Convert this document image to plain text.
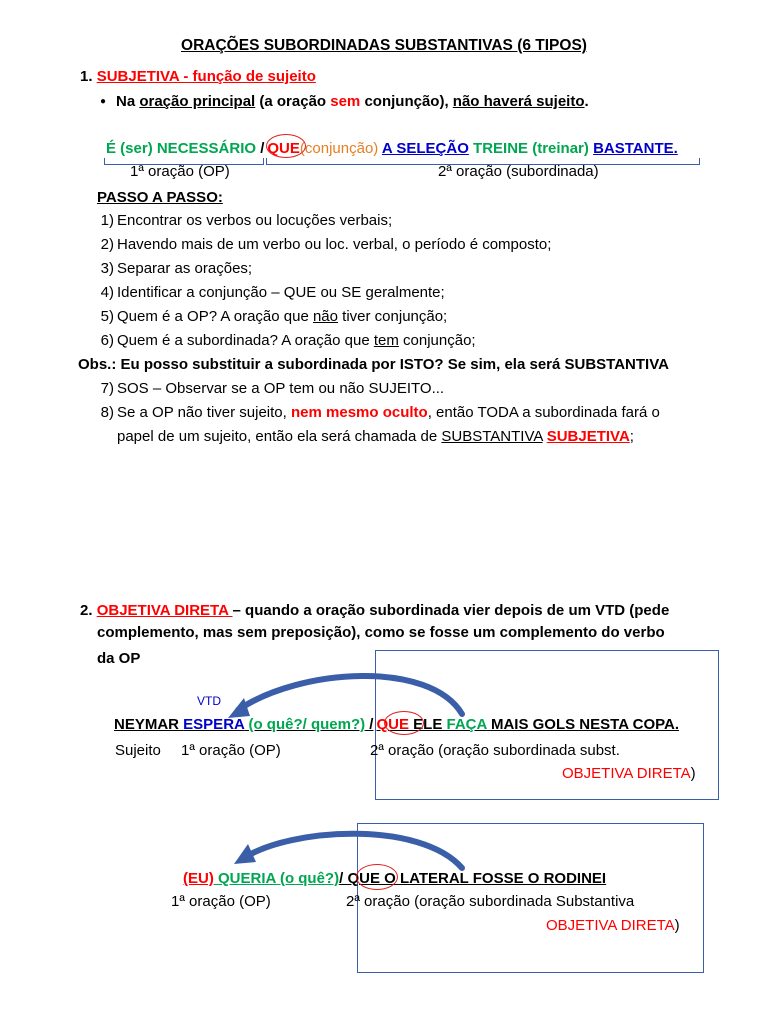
ORAÇÕES SUBORDINADAS SUBSTANTIVAS (6 TIPOS)
1. SUBJETIVA - função de sujeito
● Na oração principal (a oração sem conjunção), não haverá sujeito.
É (ser) NECESSÁRIO / QUE(conjunção) A SELEÇÃO TREINE (treinar) BASTANTE.
1ª oração (OP)	2ª oração (subordinada)
PASSO A PASSO:
1) Encontrar os verbos ou locuções verbais;
2) Havendo mais de um verbo ou loc. verbal, o período é composto;
3) Separar as orações;
4) Identificar a conjunção – QUE ou SE geralmente;
5) Quem é a OP? A oração que não tiver conjunção;
6) Quem é a subordinada? A oração que tem conjunção;
Obs.: Eu posso substituir a subordinada por ISTO? Se sim, ela será SUBSTANTIVA
7) SOS – Observar se a OP tem ou não SUJEITO...
8) Se a OP não tiver sujeito, nem mesmo oculto, então TODA a subordinada fará o
papel de um sujeito, então ela será chamada de SUBSTANTIVA SUBJETIVA;
2. OBJETIVA DIRETA – quando a oração subordinada vier depois de um VTD (pede
complemento, mas sem preposição), como se fosse um complemento do verbo
da OP
VTD
NEYMAR ESPERA (o quê?/ quem?) / QUE ELE FAÇA MAIS GOLS NESTA COPA.
Sujeito 1ª oração (OP)	2ª oração (oração subordinada subst.
OBJETIVA DIRETA)
(EU) QUERIA (o quê?)/ QUE O LATERAL FOSSE O RODINEI
1ª oração (OP)	2ª oração (oração subordinada Substantiva
OBJETIVA DIRETA)
